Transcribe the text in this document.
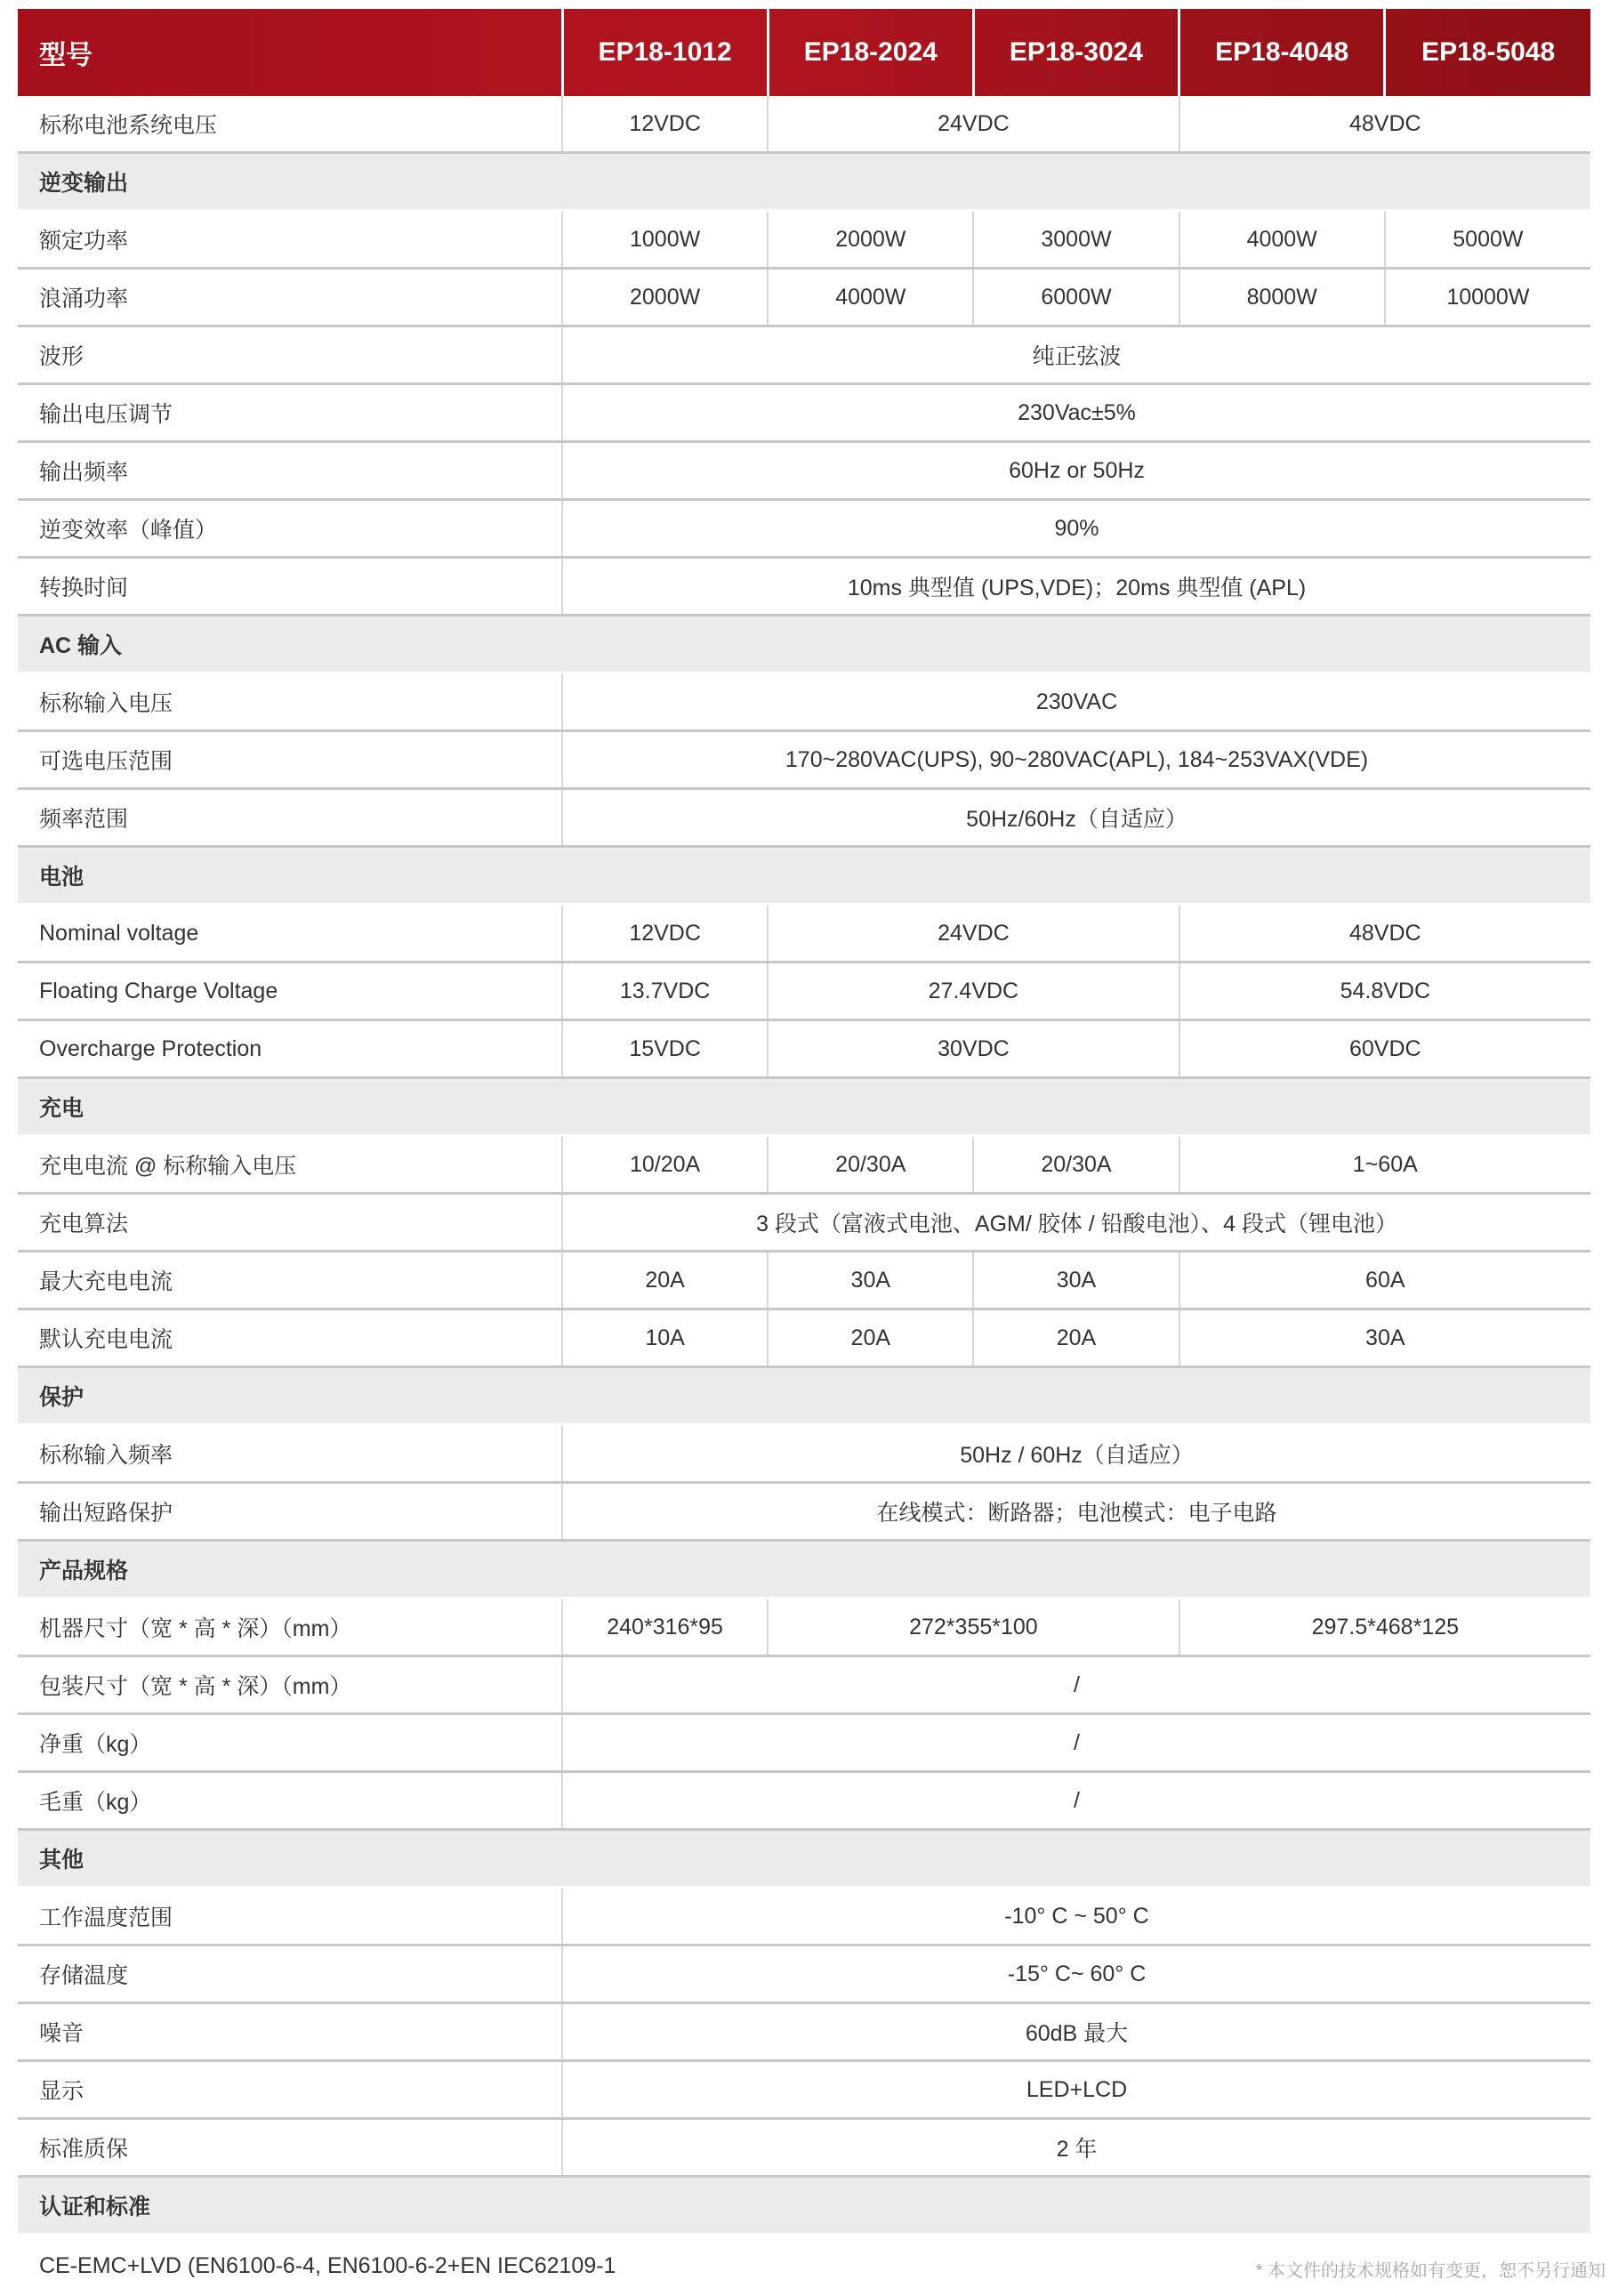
型号	EP18-1012	EP18-2024	EP18-3024	EP18-4048	EP18-5048
标称电池系统电压	12VDC	24VDC		48VDC	
逆变输出					
额定功率	1000W	2000W	3000W	4000W	5000W
浪涌功率	2000W	4000W	6000W	8000W	10000W
波形	纯正弦波				
输出电压调节	230Vac±5%				
输出频率	60Hz or 50Hz				
逆变效率（峰值）	90%				
转换时间	10ms 典型值 (UPS,VDE)；20ms 典型值 (APL)				
AC 输入					
标称输入电压	230VAC				
可选电压范围	170~280VAC(UPS), 90~280VAC(APL), 184~253VAX(VDE)				
频率范围	50Hz/60Hz（自适应）				
电池					
Nominal voltage	12VDC	24VDC		48VDC	
Floating Charge Voltage	13.7VDC	27.4VDC		54.8VDC	
Overcharge Protection	15VDC	30VDC		60VDC	
充电					
充电电流 @ 标称输入电压	10/20A	20/30A	20/30A	1~60A	
充电算法	3 段式（富液式电池、AGM/ 胶体 / 铅酸电池）、4 段式（锂电池）				
最大充电电流	20A	30A	30A	60A	
默认充电电流	10A	20A	20A	30A	
保护					
标称输入频率	50Hz / 60Hz（自适应）				
输出短路保护	在线模式：断路器；电池模式：电子电路				
产品规格					
机器尺寸（宽 * 高 * 深）（mm）	240*316*95	272*355*100		297.5*468*125	
包装尺寸（宽 * 高 * 深）（mm）	/				
净重（kg）	/				
毛重（kg）	/				
其他					
工作温度范围	-10° C ~ 50° C				
存储温度	-15° C~ 60° C				
噪音	60dB 最大				
显示	LED+LCD				
标准质保	2 年				
认证和标准					
CE-EMC+LVD (EN6100-6-4, EN6100-6-2+EN IEC62109-1						* 本文件的技术规格如有变更，恕不另行通知
